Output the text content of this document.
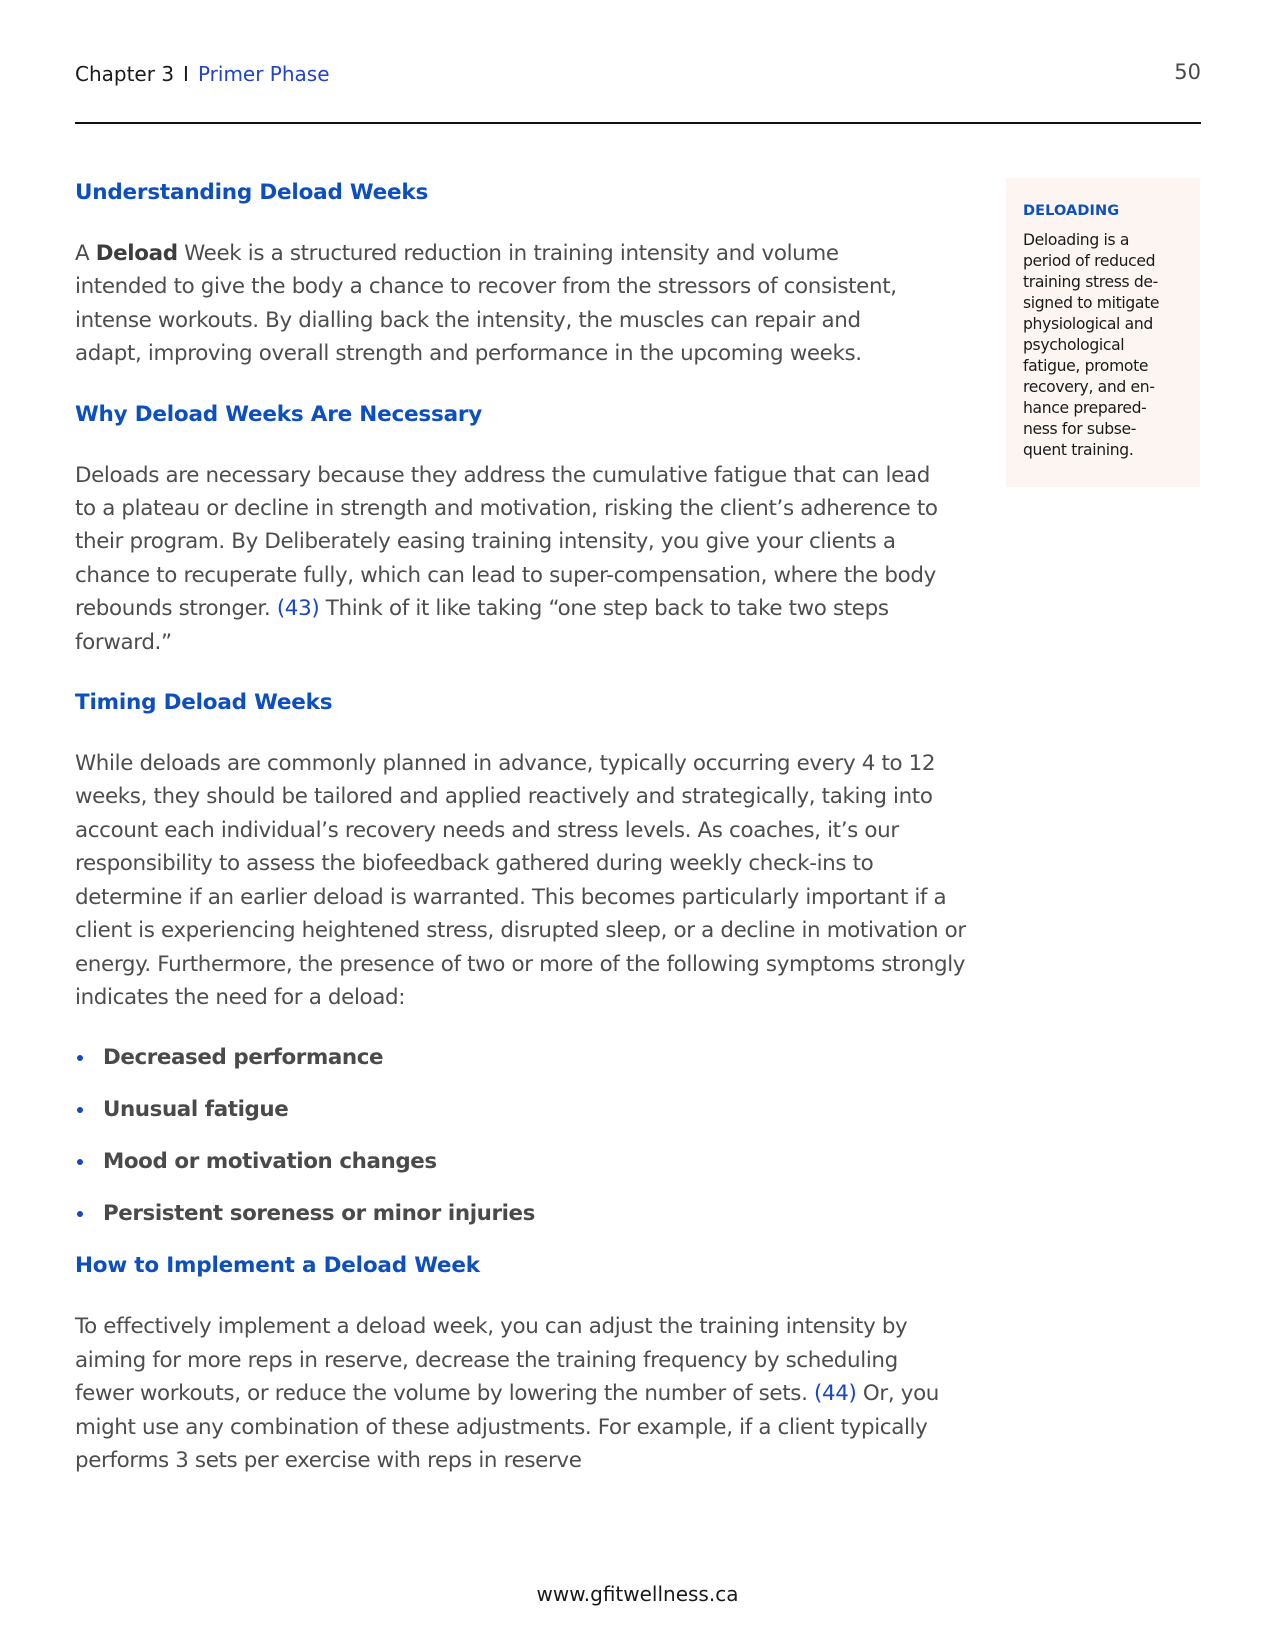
Chapter 3 I Primer Phase	50
Understanding Deload Weeks

A Deload Week is a structured reduction in training intensity and volume intended to give the body a chance to recover from the stressors of consistent, intense workouts. By dialling back the intensity, the muscles can repair and adapt, improving overall strength and performance in the upcoming weeks.

Why Deload Weeks Are Necessary

Deloads are necessary because they address the cumulative fatigue that can lead to a plateau or decline in strength and motivation, risking the client’s adherence to their program. By Deliberately easing training intensity, you give your clients a chance to recuperate fully, which can lead to super-compensation, where the body rebounds stronger. (43) Think of it like taking “one step back to take two steps forward.”

Timing Deload Weeks

While deloads are commonly planned in advance, typically occurring every 4 to 12 weeks, they should be tailored and applied reactively and strategically, taking into account each individual’s recovery needs and stress levels. As coaches, it’s our responsibility to assess the biofeedback gathered during weekly check-ins to determine if an earlier deload is warranted. This becomes particularly important if a client is experiencing heightened stress, disrupted sleep, or a decline in motivation or energy. Furthermore, the presence of two or more of the following symptoms strongly indicates the need for a deload:

Decreased performance
Unusual fatigue
Mood or motivation changes
Persistent soreness or minor injuries
How to Implement a Deload Week

To effectively implement a deload week, you can adjust the training intensity by aiming for more reps in reserve, decrease the training frequency by scheduling fewer workouts, or reduce the volume by lowering the number of sets. (44) Or, you might use any combination of these adjustments. For example, if a client typically performs 3 sets per exercise with reps in reserve

DELOADING
Deloading is a
period of reduced
training stress de-
signed to mitigate
physiological and
psychological
fatigue, promote
recovery, and en-
hance prepared-
ness for subse-
quent training.
www.gfitwellness.ca
